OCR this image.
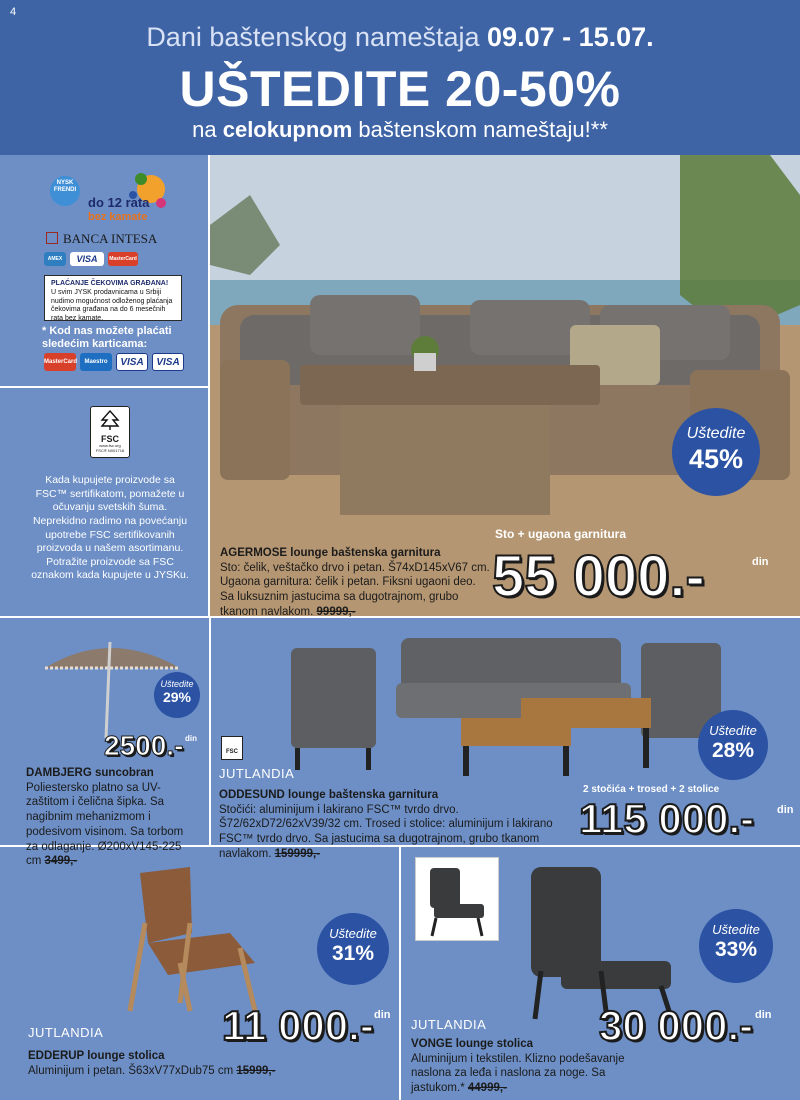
4
Dani baštenskog nameštaja 09.07 - 15.07.
UŠTEDITE 20-50%
na celokupnom baštenskom nameštaju!**
NYSK FRENDI
do 12 rata
bez kamate
BANCA INTESA
AMEX	VISA	MasterCard
PLAĆANJE ČEKOVIMA GRAĐANA!
U svim JYSK prodavnicama u Srbiji nudimo mogućnost odloženog plaćanja čekovima građana na do 6 mesečnih rata bez kamate.
* Kod nas možete plaćati sledećim karticama:
MasterCard	Maestro	VISA	VISA
FSC
www.fsc.org
FSC® N001718
Kada kupujete proizvode sa FSC™ sertifikatom, pomažete u očuvanju svetskih šuma. Neprekidno radimo na povećanju upotrebe FSC sertifikovanih proizvoda u našem asortimanu. Potražite proizvode sa FSC oznakom kada kupujete u JYSKu.
Uštedite
45%
Sto + ugaona garnitura
AGERMOSE lounge baštenska garnitura
Sto: čelik, veštačko drvo i petan. Š74xD145xV67 cm. Ugaona garnitura: čelik i petan. Fiksni ugaoni deo. Sa luksuznim jastucima sa dugotrajnom, grubo tkanom navlakom. 99999,-
55 000.-	din
Uštedite
29%
2500.- din
DAMBJERG suncobran
Poliestersko platno sa UV-zaštitom i čelična šipka. Sa nagibnim mehanizmom i podesivom visinom. Sa torbom za odlaganje. Ø200xV145-225 cm 3499,-
Uštedite
28%
FSC
JUTLANDIA
2 stočića + trosed + 2 stolice
ODDESUND lounge baštenska garnitura
Stočići: aluminijum i lakirano FSC™ tvrdo drvo. Š72/62xD72/62xV39/32 cm. Trosed i stolice: aluminijum i lakirano FSC™ tvrdo drvo. Sa jastucima sa dugotrajnom, grubo tkanom navlakom. 159999,-
115 000.- din
Uštedite
31%
JUTLANDIA	11 000.- din
EDDERUP lounge stolica
Aluminijum i petan. Š63xV77xDub75 cm 15999,-
Uštedite
33%
JUTLANDIA	30 000.- din
VONGE lounge stolica
Aluminijum i tekstilen. Klizno podešavanje naslona za leđa i naslona za noge. Sa jastukom.* 44999,-
